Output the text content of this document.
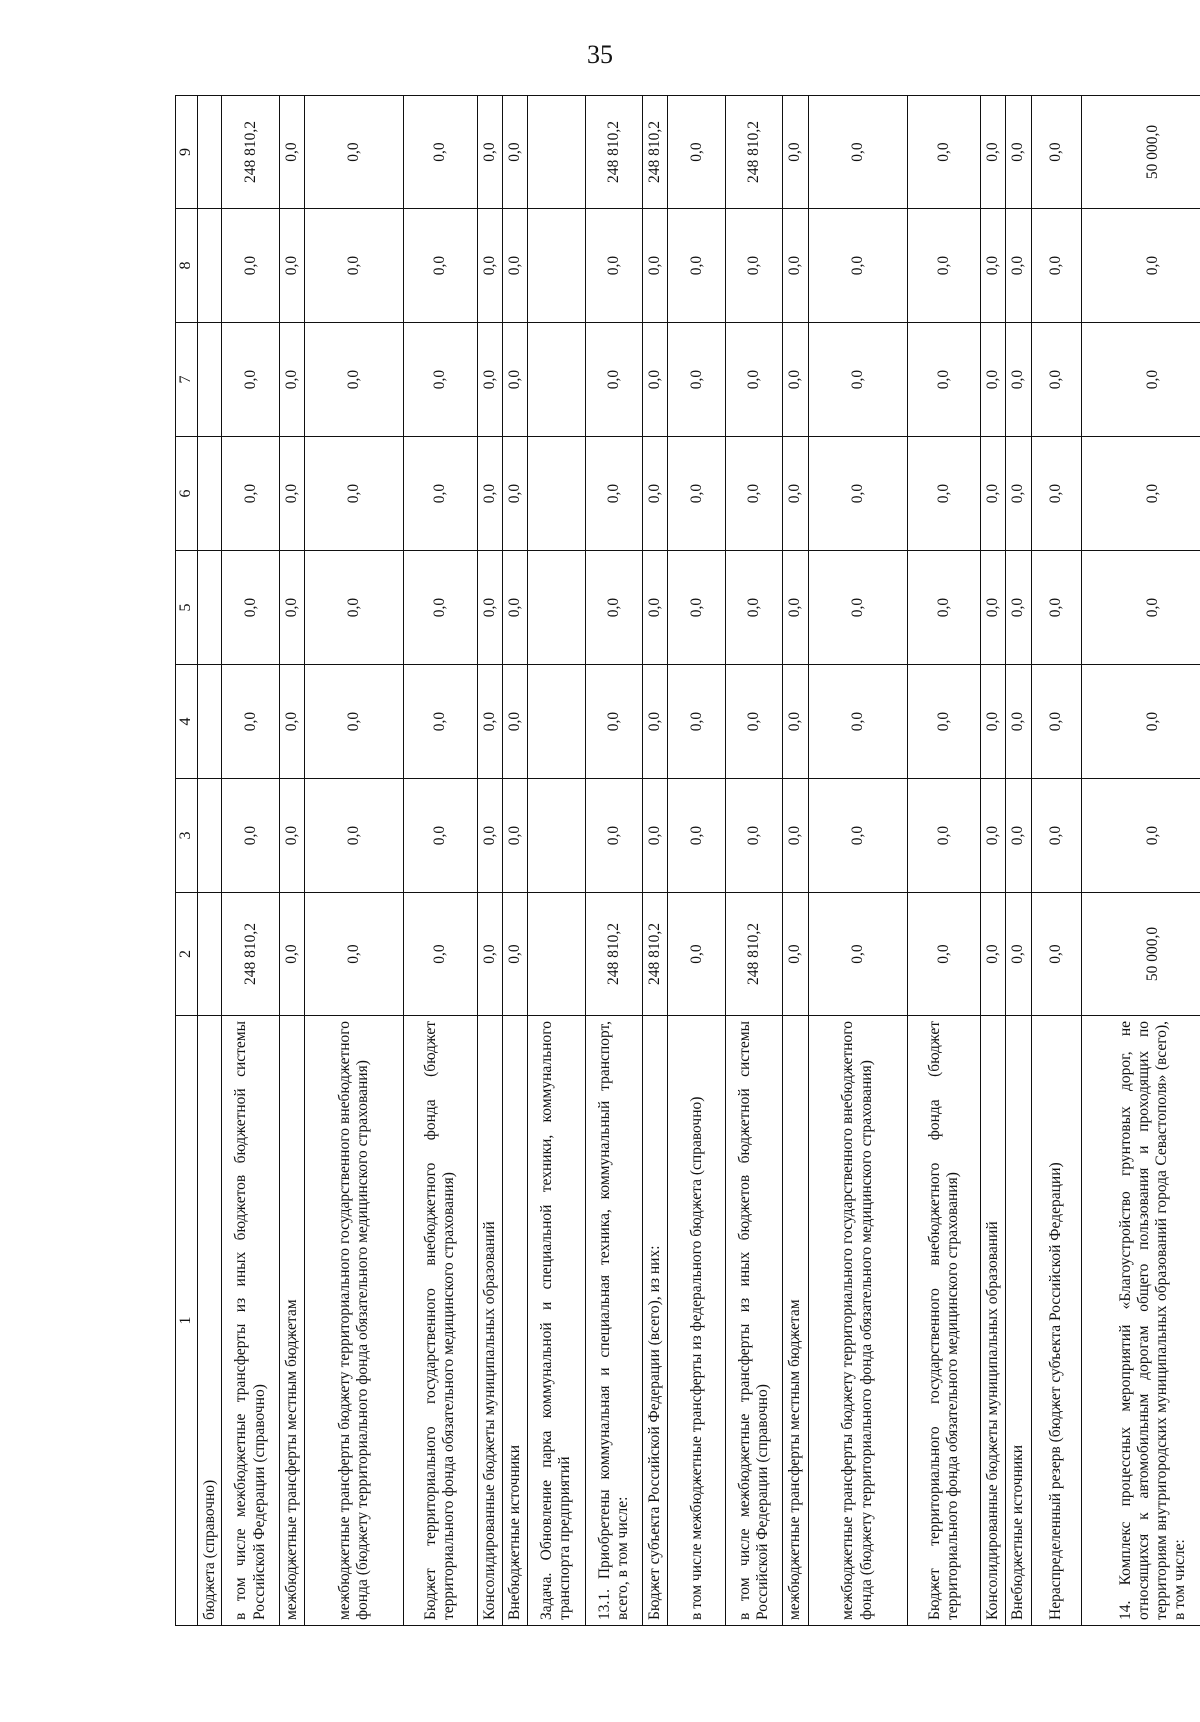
35
1	2	3	4	5	6	7	8	9
бюджета (справочно)								
в том числе межбюджетные трансферты из иных бюджетов бюджетной системы Российской Федерации (справочно)	248 810,2	0,0	0,0	0,0	0,0	0,0	0,0	248 810,2
межбюджетные трансферты местным бюджетам	0,0	0,0	0,0	0,0	0,0	0,0	0,0	0,0
межбюджетные трансферты бюджету территориального государственного внебюджетного фонда (бюджету территориального фонда обязательного медицинского страхования)	0,0	0,0	0,0	0,0	0,0	0,0	0,0	0,0
Бюджет территориального государственного внебюджетного фонда (бюджет территориального фонда обязательного медицинского страхования)	0,0	0,0	0,0	0,0	0,0	0,0	0,0	0,0
Консолидированные бюджеты муниципальных образований	0,0	0,0	0,0	0,0	0,0	0,0	0,0	0,0
Внебюджетные источники	0,0	0,0	0,0	0,0	0,0	0,0	0,0	0,0
Задача. Обновление парка коммунальной и специальной техники, коммунального транспорта предприятий								
13.1. Приобретены коммунальная и специальная техника, коммунальный транспорт, всего, в том числе:	248 810,2	0,0	0,0	0,0	0,0	0,0	0,0	248 810,2
Бюджет субъекта Российской Федерации (всего), из них:	248 810,2	0,0	0,0	0,0	0,0	0,0	0,0	248 810,2
в том числе межбюджетные трансферты из федерального бюджета (справочно)	0,0	0,0	0,0	0,0	0,0	0,0	0,0	0,0
в том числе межбюджетные трансферты из иных бюджетов бюджетной системы Российской Федерации (справочно)	248 810,2	0,0	0,0	0,0	0,0	0,0	0,0	248 810,2
межбюджетные трансферты местным бюджетам	0,0	0,0	0,0	0,0	0,0	0,0	0,0	0,0
межбюджетные трансферты бюджету территориального государственного внебюджетного фонда (бюджету территориального фонда обязательного медицинского страхования)	0,0	0,0	0,0	0,0	0,0	0,0	0,0	0,0
Бюджет территориального государственного внебюджетного фонда (бюджет территориального фонда обязательного медицинского страхования)	0,0	0,0	0,0	0,0	0,0	0,0	0,0	0,0
Консолидированные бюджеты муниципальных образований	0,0	0,0	0,0	0,0	0,0	0,0	0,0	0,0
Внебюджетные источники	0,0	0,0	0,0	0,0	0,0	0,0	0,0	0,0
Нераспределенный резерв (бюджет субъекта Российской Федерации)	0,0	0,0	0,0	0,0	0,0	0,0	0,0	0,0
14. Комплекс процессных мероприятий «Благоустройство грунтовых дорог, не относящихся к автомобильным дорогам общего пользования и проходящих по территориям внутригородских муниципальных образований города Севастополя» (всего), в том числе:	50 000,0	0,0	0,0	0,0	0,0	0,0	0,0	50 000,0
